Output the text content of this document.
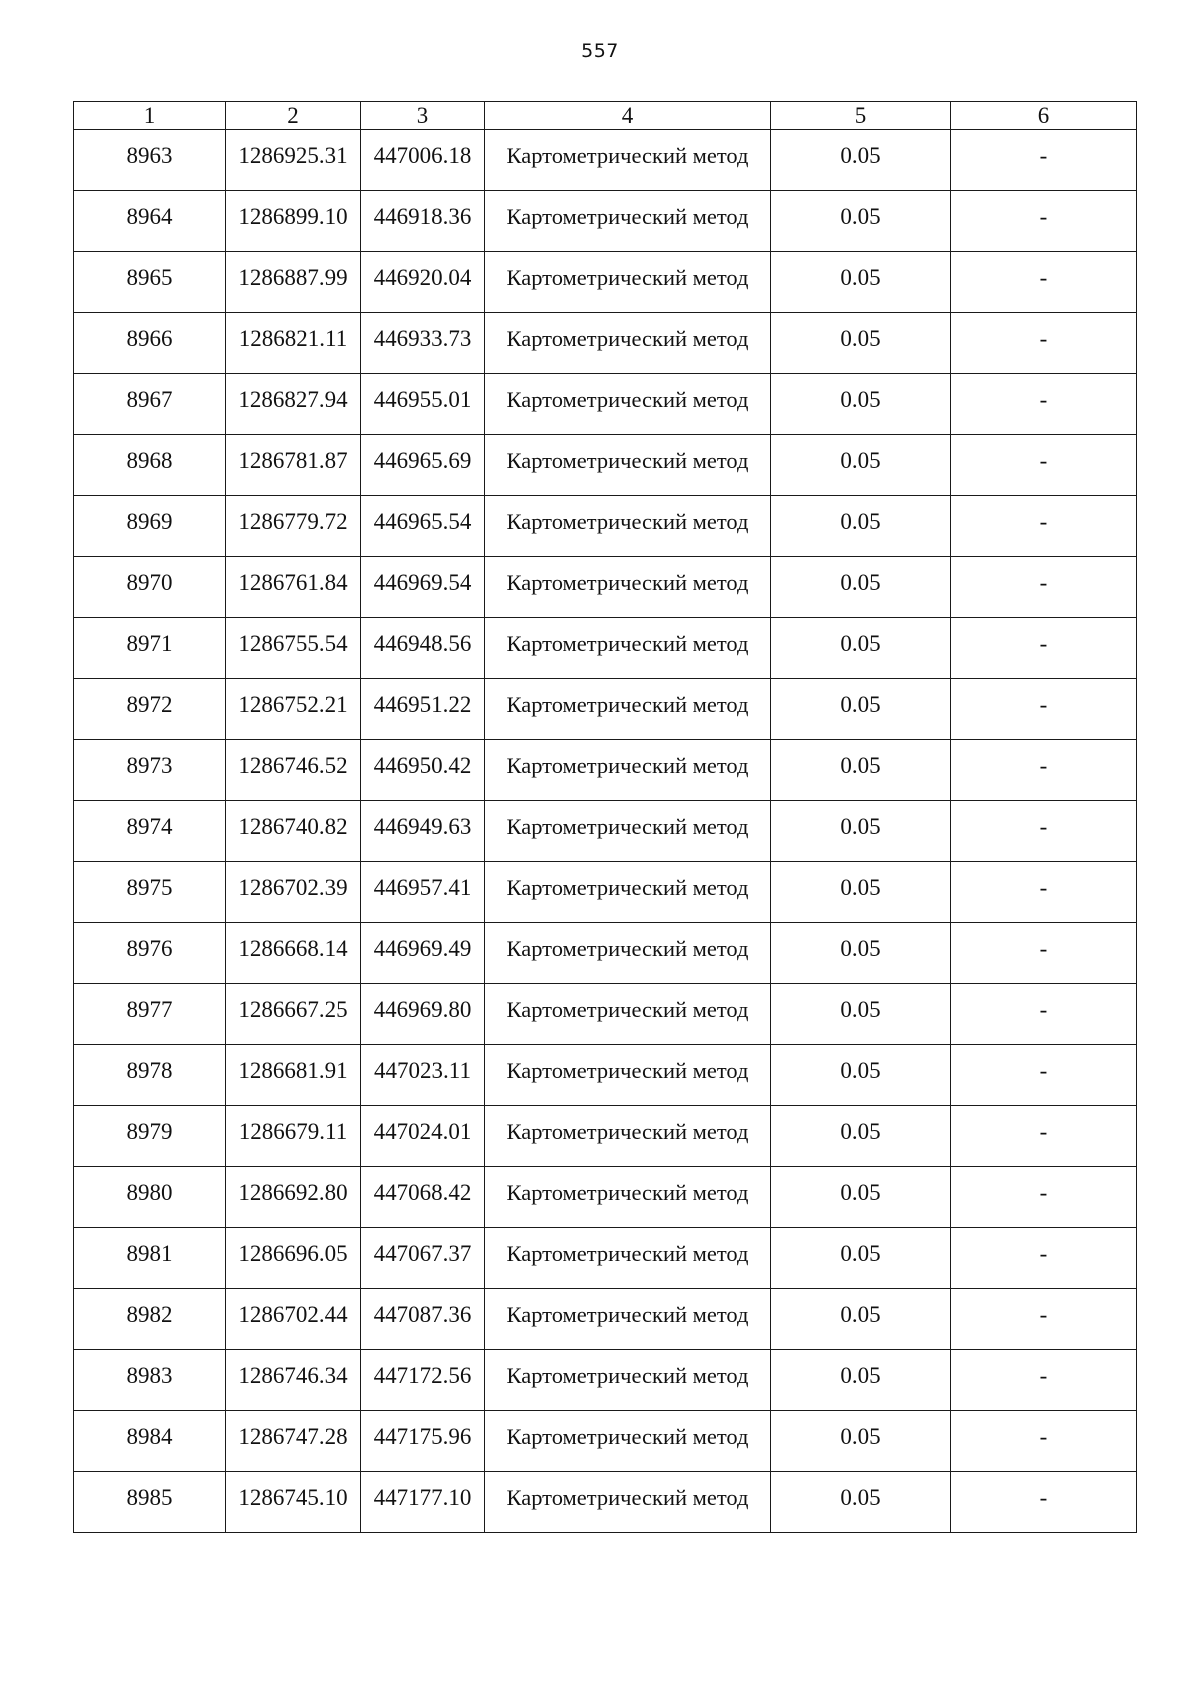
557
1	2	3	4	5	6
8963	1286925.31	447006.18	Картометрический метод	0.05	-
8964	1286899.10	446918.36	Картометрический метод	0.05	-
8965	1286887.99	446920.04	Картометрический метод	0.05	-
8966	1286821.11	446933.73	Картометрический метод	0.05	-
8967	1286827.94	446955.01	Картометрический метод	0.05	-
8968	1286781.87	446965.69	Картометрический метод	0.05	-
8969	1286779.72	446965.54	Картометрический метод	0.05	-
8970	1286761.84	446969.54	Картометрический метод	0.05	-
8971	1286755.54	446948.56	Картометрический метод	0.05	-
8972	1286752.21	446951.22	Картометрический метод	0.05	-
8973	1286746.52	446950.42	Картометрический метод	0.05	-
8974	1286740.82	446949.63	Картометрический метод	0.05	-
8975	1286702.39	446957.41	Картометрический метод	0.05	-
8976	1286668.14	446969.49	Картометрический метод	0.05	-
8977	1286667.25	446969.80	Картометрический метод	0.05	-
8978	1286681.91	447023.11	Картометрический метод	0.05	-
8979	1286679.11	447024.01	Картометрический метод	0.05	-
8980	1286692.80	447068.42	Картометрический метод	0.05	-
8981	1286696.05	447067.37	Картометрический метод	0.05	-
8982	1286702.44	447087.36	Картометрический метод	0.05	-
8983	1286746.34	447172.56	Картометрический метод	0.05	-
8984	1286747.28	447175.96	Картометрический метод	0.05	-
8985	1286745.10	447177.10	Картометрический метод	0.05	-
